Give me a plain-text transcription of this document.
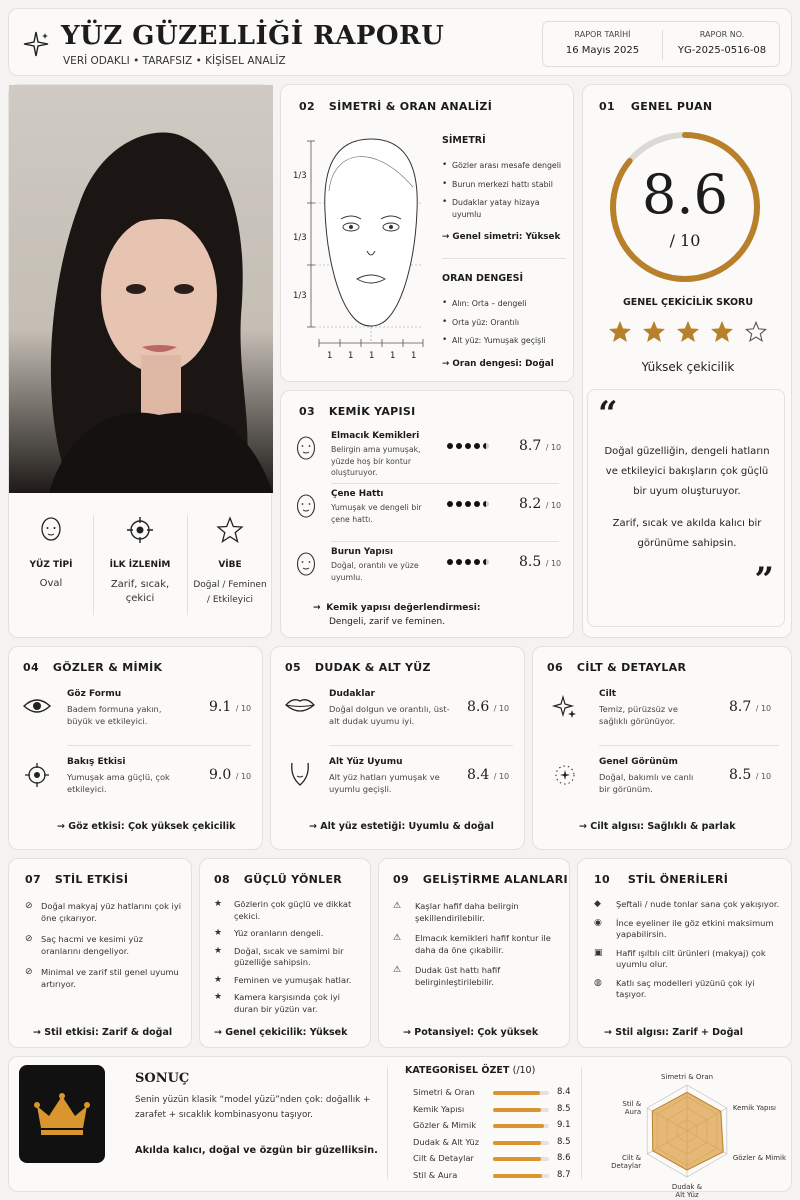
YÜZ GÜZELLİĞİ RAPORU
VERİ ODAKLI • TARAFSIZ • KİŞİSEL ANALİZ
RAPOR TARİHİ
16 Mayıs 2025
RAPOR NO.
YG-2025-0516-08
YÜZ TİPİ
Oval
İLK İZLENİM
Zarif, sıcak, çekici
VİBE
Doğal / Feminen / Etkileyici
02 SİMETRİ & ORAN ANALİZİ
1/3
1/3
1/3
1 1 1 1 1
SİMETRİ
• Gözler arası mesafe dengeli
• Burun merkezi hattı stabil
• Dudaklar yatay hizaya uyumlu
→ Genel simetri: Yüksek
ORAN DENGESİ
• Alın: Orta – dengeli
• Orta yüz: Orantılı
• Alt yüz: Yumuşak geçişli
→ Oran dengesi: Doğal
01 GENEL PUAN
8.6
/ 10
GENEL ÇEKİCİLİK SKORU
Yüksek çekicilik
“
Doğal güzelliğin, dengeli hatların ve etkileyici bakışların çok güçlü bir uyum oluşturuyor.
Zarif, sıcak ve akılda kalıcı bir görünüme sahipsin.
”
03 KEMİK YAPISI
Elmacık Kemikleri
Belirgin ama yumuşak, yüzde hoş bir kontur oluşturuyor.
8.7 / 10
Çene Hattı
Yumuşak ve dengeli bir çene hattı.
8.2 / 10
Burun Yapısı
Doğal, orantılı ve yüze uyumlu.
8.5 / 10
→ Kemik yapısı değerlendirmesi:
Dengeli, zarif ve feminen.
04 GÖZLER & MİMİK
Göz Formu
Badem formuna yakın, büyük ve etkileyici.
9.1 / 10
Bakış Etkisi
Yumuşak ama güçlü, çok etkileyici.
9.0 / 10
→ Göz etkisi: Çok yüksek çekicilik
05 DUDAK & ALT YÜZ
Dudaklar
Doğal dolgun ve orantılı, üst-alt dudak uyumu iyi.
8.6 / 10
Alt Yüz Uyumu
Alt yüz hatları yumuşak ve uyumlu geçişli.
8.4 / 10
→ Alt yüz estetiği: Uyumlu & doğal
06 CİLT & DETAYLAR
Cilt
Temiz, pürüzsüz ve sağlıklı görünüyor.
8.7 / 10
Genel Görünüm
Doğal, bakımlı ve canlı bir görünüm.
8.5 / 10
→ Cilt algısı: Sağlıklı & parlak
07 STİL ETKİSİ
⊘ Doğal makyaj yüz hatlarını çok iyi öne çıkarıyor.
⊘ Saç hacmi ve kesimi yüz oranlarını dengeliyor.
⊘ Minimal ve zarif stil genel uyumu artırıyor.
→ Stil etkisi: Zarif & doğal
08 GÜÇLÜ YÖNLER
★ Gözlerin çok güçlü ve dikkat çekici.
★ Yüz oranların dengeli.
★ Doğal, sıcak ve samimi bir güzelliğe sahipsin.
★ Feminen ve yumuşak hatlar.
★ Kamera karşısında çok iyi duran bir yüzün var.
→ Genel çekicilik: Yüksek
09 GELİŞTİRME ALANLARI
⚠ Kaşlar hafif daha belirgin şekillendirilebilir.
⚠ Elmacık kemikleri hafif kontur ile daha da öne çıkabilir.
⚠ Dudak üst hattı hafif belirginleştirilebilir.
→ Potansiyel: Çok yüksek
10 STİL ÖNERİLERİ
◆ Şeftali / nude tonlar sana çok yakışıyor.
◉ İnce eyeliner ile göz etkini maksimum yapabilirsin.
▣ Hafif ışıltılı cilt ürünleri (makyaj) çok uyumlu olur.
◍ Katlı saç modelleri yüzünü çok iyi taşıyor.
→ Stil algısı: Zarif + Doğal
SONUÇ
Senin yüzün klasik “model yüzü”nden çok: doğallık + zarafet + sıcaklık kombinasyonu taşıyor.
Akılda kalıcı, doğal ve özgün bir güzelliksin.
KATEGORİSEL ÖZET (/10)
Simetri & Oran	8.4
Kemik Yapısı	8.5
Gözler & Mimik	9.1
Dudak & Alt Yüz	8.5
Cilt & Detaylar	8.6
Stil & Aura	8.7
Simetri & Oran
Kemik Yapısı
Gözler & Mimik
Dudak & Alt Yüz
Cilt & Detaylar
Stil & Aura
